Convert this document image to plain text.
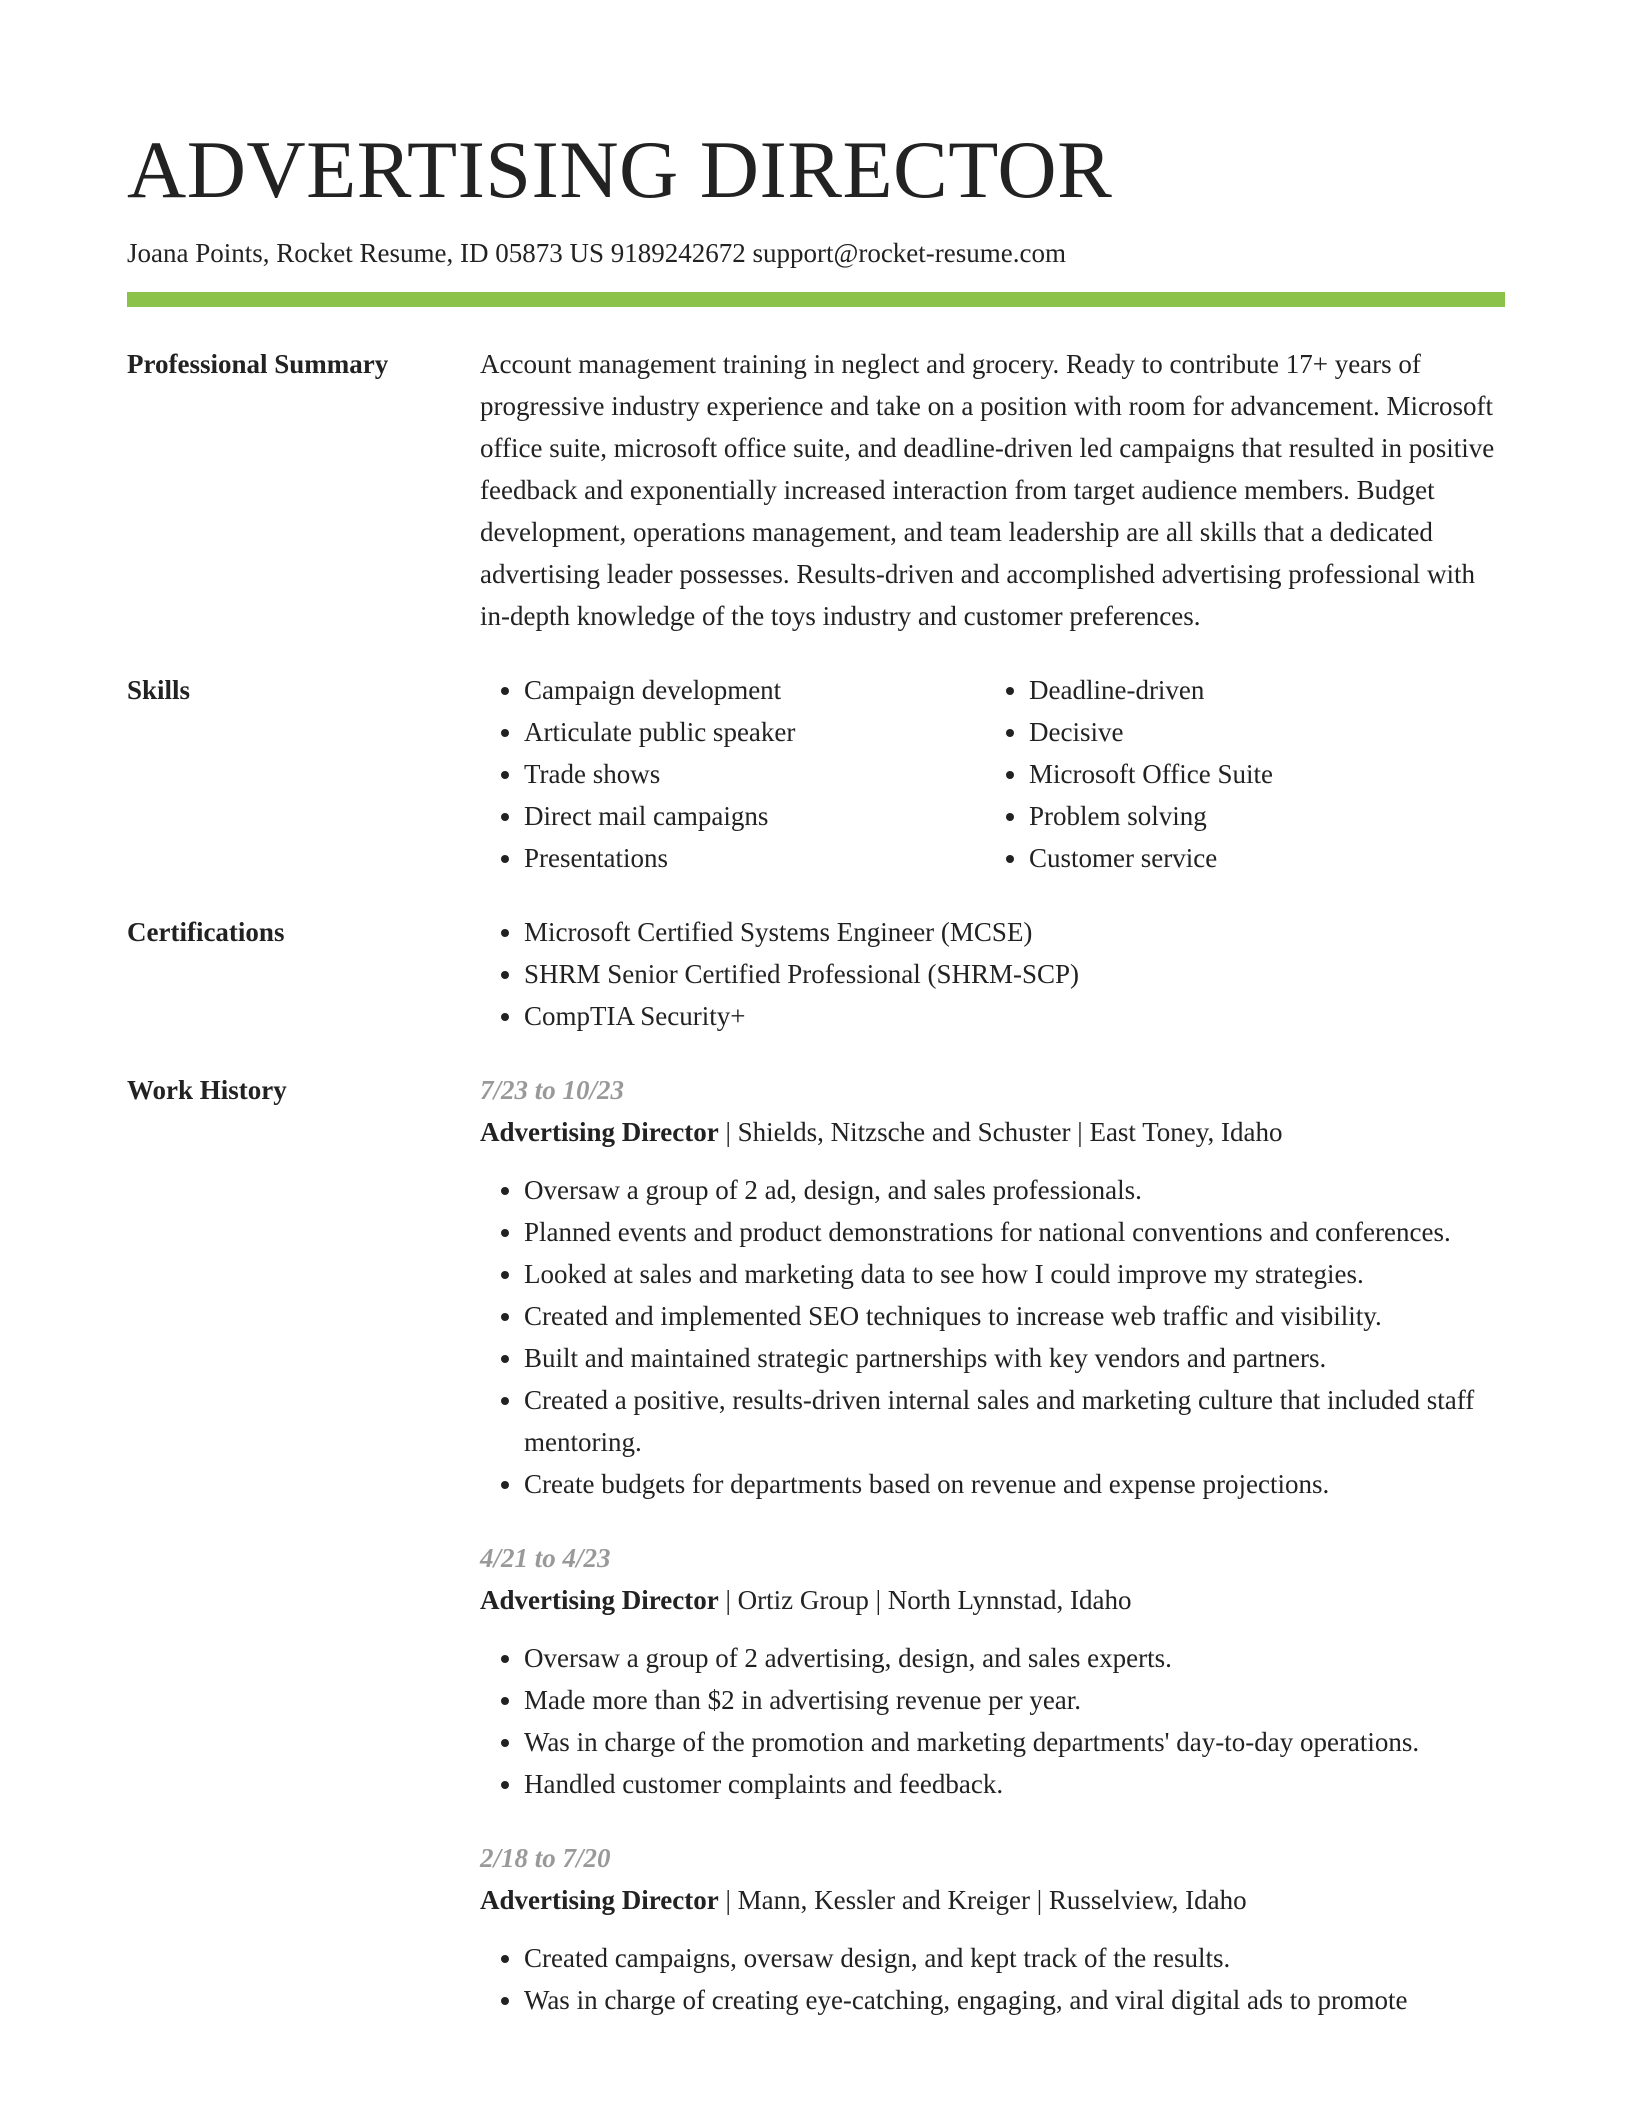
ADVERTISING DIRECTOR
Joana Points, Rocket Resume, ID 05873 US 9189242672 support@rocket-resume.com
Professional Summary	Account management training in neglect and grocery. Ready to contribute 17+ years of progressive industry experience and take on a position with room for advancement. Microsoft office suite, microsoft office suite, and deadline-driven led campaigns that resulted in positive feedback and exponentially increased interaction from target audience members. Budget development, operations management, and team leadership are all skills that a dedicated advertising leader possesses. Results-driven and accomplished advertising professional with in-depth knowledge of the toys industry and customer preferences.

Skills	• Campaign development
• Articulate public speaker
• Trade shows
• Direct mail campaigns
• Presentations
• Deadline-driven
• Decisive
• Microsoft Office Suite
• Problem solving
• Customer service
Certifications	• Microsoft Certified Systems Engineer (MCSE)
• SHRM Senior Certified Professional (SHRM-SCP)
• CompTIA Security+
Work History	7/23 to 10/23
Advertising Director | Shields, Nitzsche and Schuster | East Toney, Idaho
• Oversaw a group of 2 ad, design, and sales professionals.
• Planned events and product demonstrations for national conventions and conferences.
• Looked at sales and marketing data to see how I could improve my strategies.
• Created and implemented SEO techniques to increase web traffic and visibility.
• Built and maintained strategic partnerships with key vendors and partners.
• Created a positive, results-driven internal sales and marketing culture that included staff mentoring.
• Create budgets for departments based on revenue and expense projections.
4/21 to 4/23
Advertising Director | Ortiz Group | North Lynnstad, Idaho
• Oversaw a group of 2 advertising, design, and sales experts.
• Made more than $2 in advertising revenue per year.
• Was in charge of the promotion and marketing departments' day-to-day operations.
• Handled customer complaints and feedback.
2/18 to 7/20
Advertising Director | Mann, Kessler and Kreiger | Russelview, Idaho
• Created campaigns, oversaw design, and kept track of the results.
• Was in charge of creating eye-catching, engaging, and viral digital ads to promote
